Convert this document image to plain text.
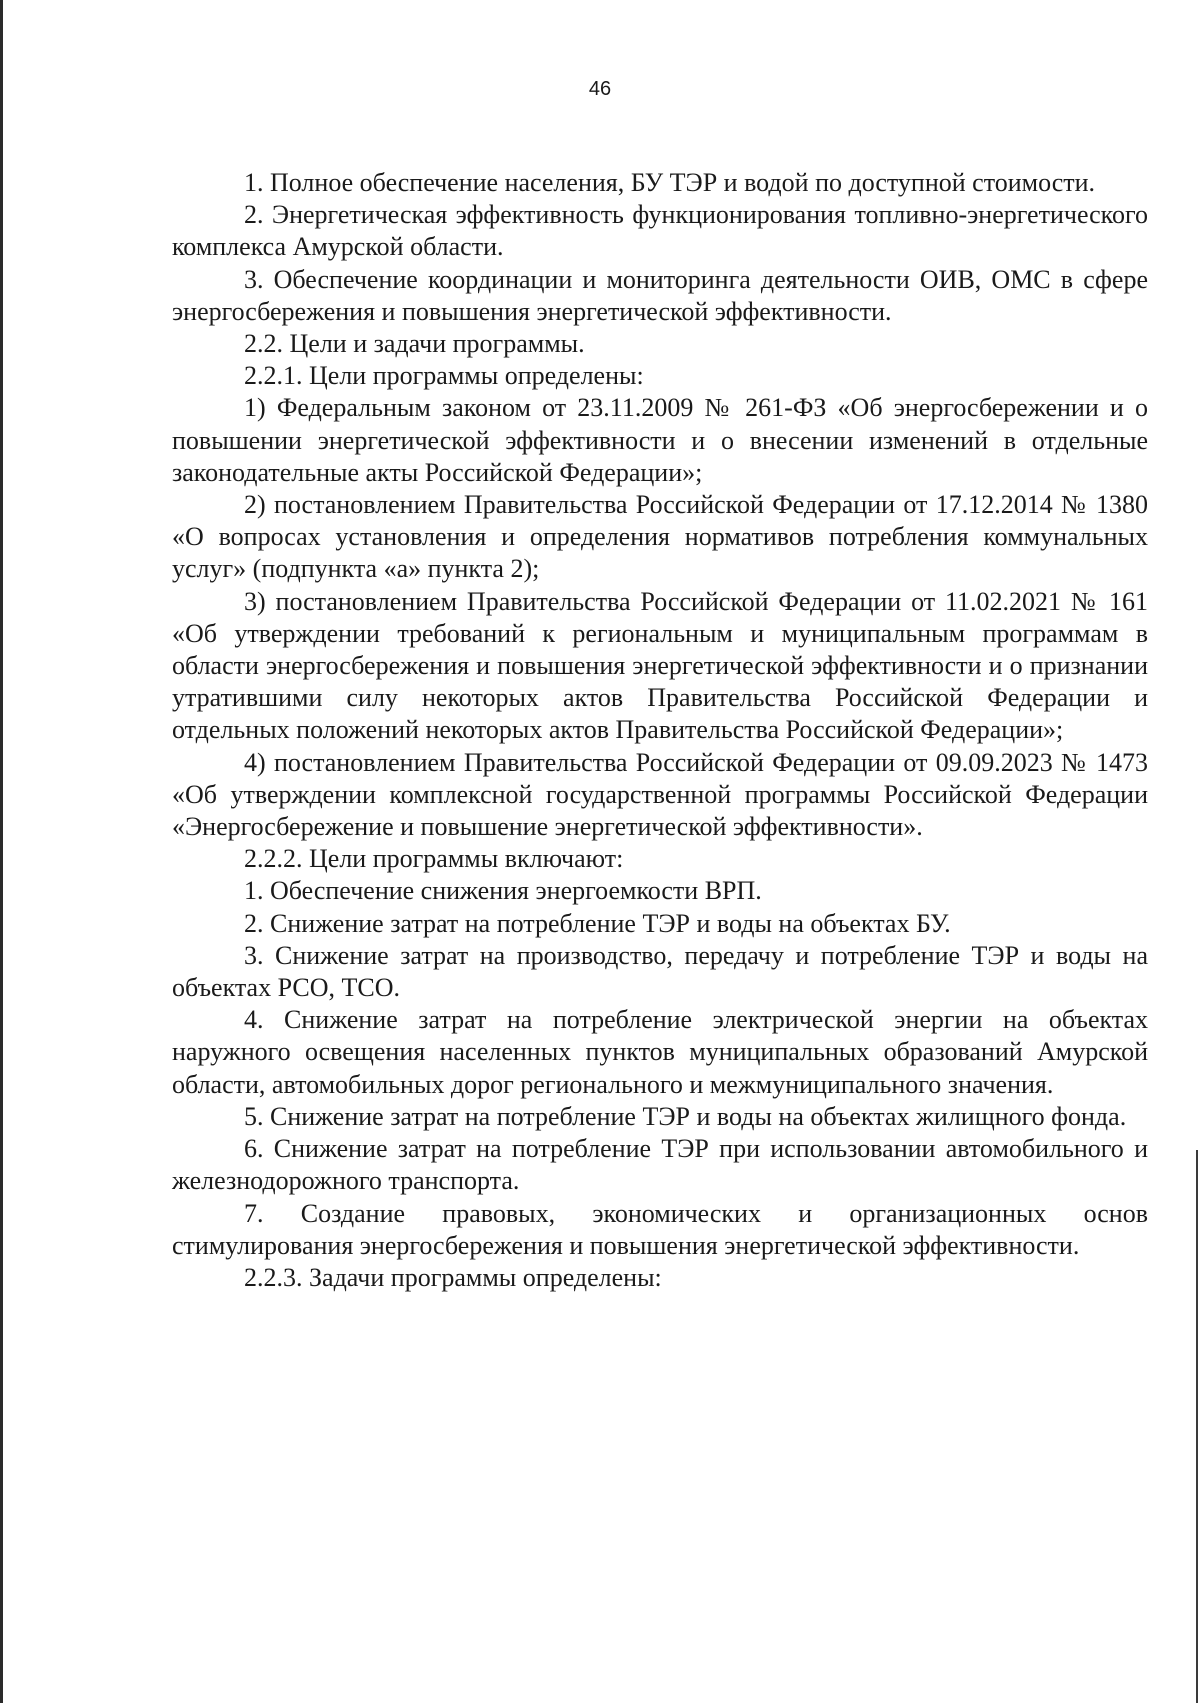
46

1. Полное обеспечение населения, БУ ТЭР и водой по доступной стоимости.

2. Энергетическая эффективность функционирования топливно-энергетического комплекса Амурской области.

3. Обеспечение координации и мониторинга деятельности ОИВ, ОМС в сфере энергосбережения и повышения энергетической эффективности.

2.2. Цели и задачи программы.

2.2.1. Цели программы определены:

1) Федеральным законом от 23.11.2009 № 261-ФЗ «Об энергосбережении и о повышении энергетической эффективности и о внесении изменений в отдельные законодательные акты Российской Федерации»;

2) постановлением Правительства Российской Федерации от 17.12.2014 № 1380 «О вопросах установления и определения нормативов потребления коммунальных услуг» (подпункта «а» пункта 2);

3) постановлением Правительства Российской Федерации от 11.02.2021 № 161 «Об утверждении требований к региональным и муниципальным программам в области энергосбережения и повышения энергетической эффективности и о признании утратившими силу некоторых актов Правительства Российской Федерации и отдельных положений некоторых актов Правительства Российской Федерации»;

4) постановлением Правительства Российской Федерации от 09.09.2023 № 1473 «Об утверждении комплексной государственной программы Российской Федерации «Энергосбережение и повышение энергетической эффективности».

2.2.2. Цели программы включают:

1. Обеспечение снижения энергоемкости ВРП.

2. Снижение затрат на потребление ТЭР и воды на объектах БУ.

3. Снижение затрат на производство, передачу и потребление ТЭР и воды на объектах РСО, ТСО.

4. Снижение затрат на потребление электрической энергии на объектах наружного освещения населенных пунктов муниципальных образований Амурской области, автомобильных дорог регионального и межмуниципального значения.

5. Снижение затрат на потребление ТЭР и воды на объектах жилищного фонда.

6. Снижение затрат на потребление ТЭР при использовании автомобильного и железнодорожного транспорта.

7. Создание правовых, экономических и организационных основ стимулирования энергосбережения и повышения энергетической эффективности.

2.2.3. Задачи программы определены:
